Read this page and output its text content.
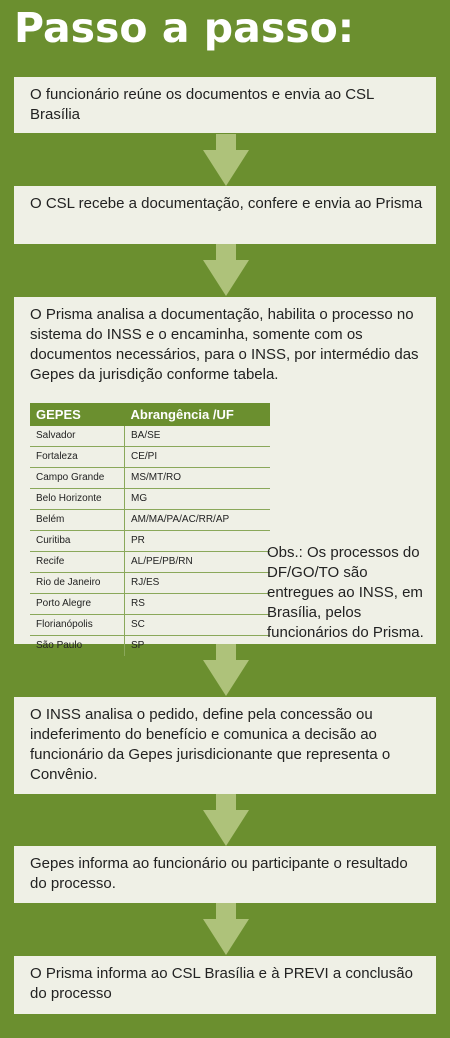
Passo a passo:
O funcionário reúne os documentos e envia ao CSL Brasília
O CSL recebe a documentação, confere e envia ao Prisma
O Prisma analisa a documentação, habilita o processo no sistema do INSS e o encaminha, somente com os documentos necessários, para o INSS, por intermédio das Gepes da jurisdição conforme tabela.
GEPES	Abrangência /UF
Salvador	BA/SE
Fortaleza	CE/PI
Campo Grande	MS/MT/RO
Belo Horizonte	MG
Belém	AM/MA/PA/AC/RR/AP
Curitiba	PR
Recife	AL/PE/PB/RN
Rio de Janeiro	RJ/ES
Porto Alegre	RS
Florianópolis	SC
São Paulo	SP
Obs.: Os processos do DF/GO/TO são entregues ao INSS, em Brasília, pelos funcionários do Prisma.
O INSS analisa o pedido, define pela concessão ou indeferimento do benefício e comunica a decisão ao funcionário da Gepes jurisdicionante que representa o Convênio.
Gepes informa ao funcionário ou participante o resultado do processo.
O Prisma informa ao CSL Brasília e à PREVI a conclusão do processo
